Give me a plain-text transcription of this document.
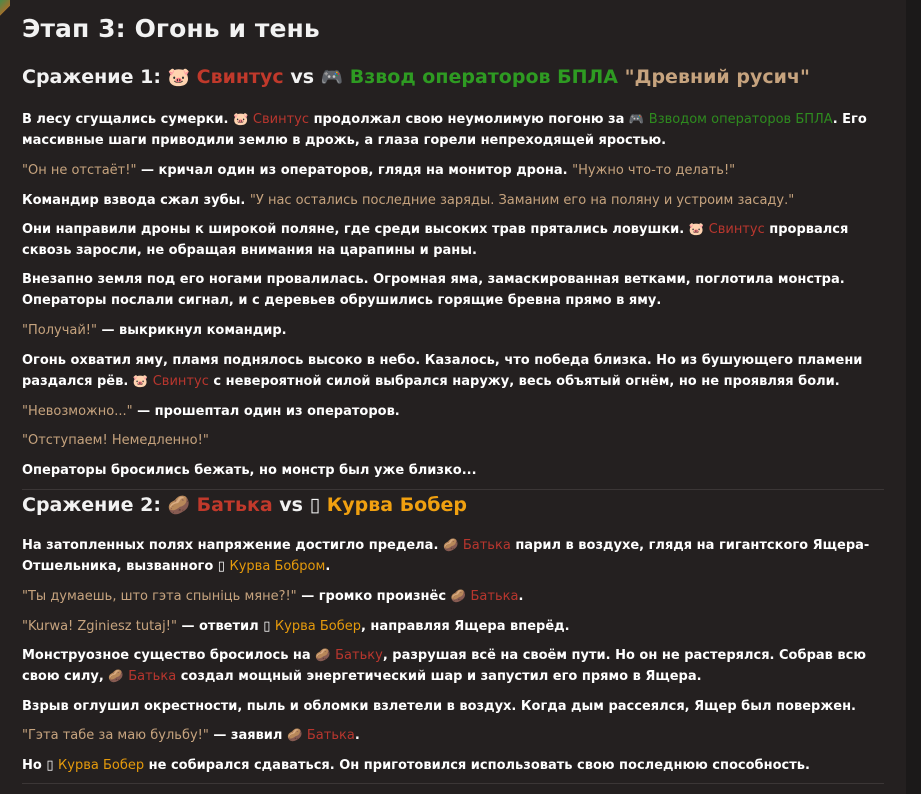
Этап 3: Огонь и тень
Сражение 1: 🐷 Свинтус vs 🎮 Взвод операторов БПЛА "Древний русич"

В лесу сгущались сумерки. 🐷 Свинтус продолжал свою неумолимую погоню за 🎮 Взводом операторов БПЛА. Его массивные шаги приводили землю в дрожь, а глаза горели непреходящей яростью.

"Он не отстаёт!" — кричал один из операторов, глядя на монитор дрона. "Нужно что-то делать!"

Командир взвода сжал зубы. "У нас остались последние заряды. Заманим его на поляну и устроим засаду."

Они направили дроны к широкой поляне, где среди высоких трав прятались ловушки. 🐷 Свинтус прорвался сквозь заросли, не обращая внимания на царапины и раны.

Внезапно земля под его ногами провалилась. Огромная яма, замаскированная ветками, поглотила монстра. Операторы послали сигнал, и с деревьев обрушились горящие бревна прямо в яму.

"Получай!" — выкрикнул командир.

Огонь охватил яму, пламя поднялось высоко в небо. Казалось, что победа близка. Но из бушующего пламени раздался рёв. 🐷 Свинтус с невероятной силой выбрался наружу, весь объятый огнём, но не проявляя боли.

"Невозможно..." — прошептал один из операторов.

"Отступаем! Немедленно!"

Операторы бросились бежать, но монстр был уже близко...

Сражение 2: 🥔 Батька vs ▯ Курва Бобер

На затопленных полях напряжение достигло предела. 🥔 Батька парил в воздухе, глядя на гигантского Ящера-Отшельника, вызванного ▯ Курва Бобром.

"Ты думаешь, што гэта спыніць мяне?!" — громко произнёс 🥔 Батька.

"Kurwa! Zginiesz tutaj!" — ответил ▯ Курва Бобер, направляя Ящера вперёд.

Монструозное существо бросилось на 🥔 Батьку, разрушая всё на своём пути. Но он не растерялся. Собрав всю свою силу, 🥔 Батька создал мощный энергетический шар и запустил его прямо в Ящера.

Взрыв оглушил окрестности, пыль и обломки взлетели в воздух. Когда дым рассеялся, Ящер был повержен.

"Гэта табе за маю бульбу!" — заявил 🥔 Батька.

Но ▯ Курва Бобер не собирался сдаваться. Он приготовился использовать свою последнюю способность.
